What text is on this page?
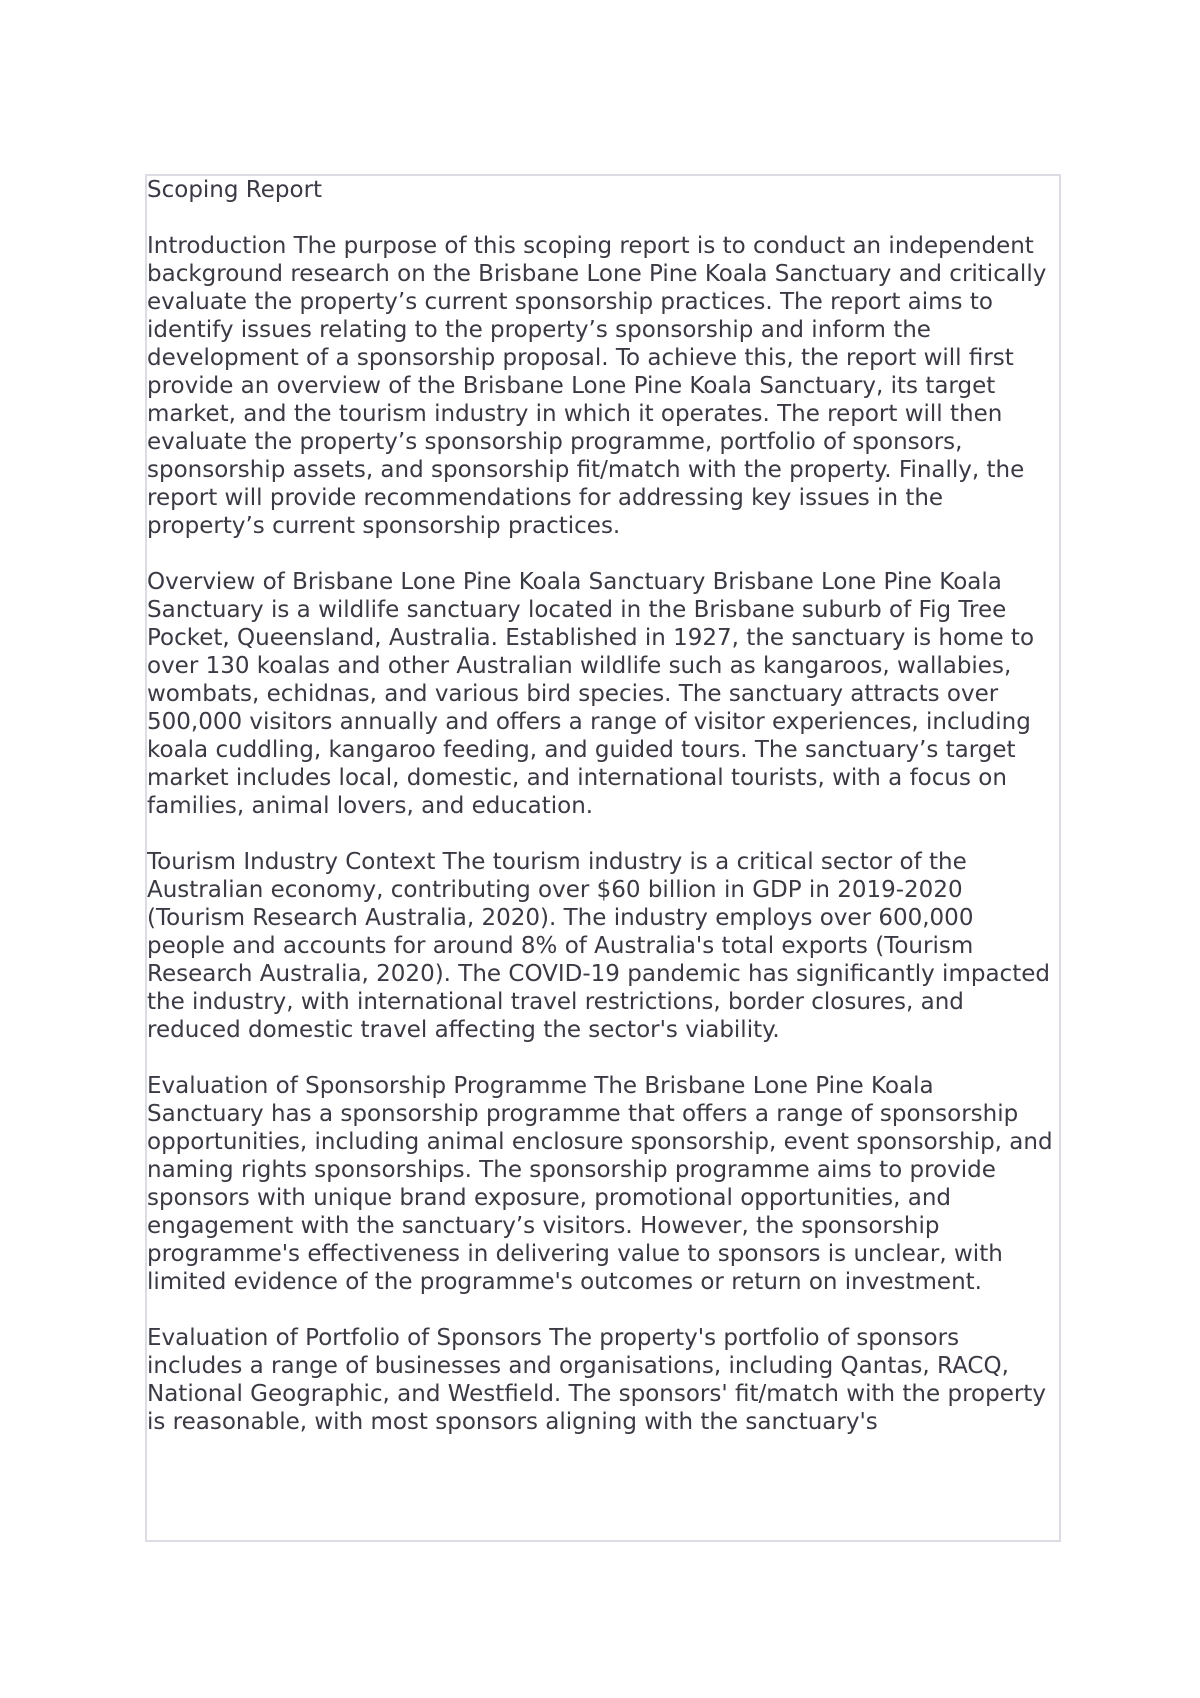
Scoping Report

Introduction The purpose of this scoping report is to conduct an independent background research on the Brisbane Lone Pine Koala Sanctuary and critically evaluate the property’s current sponsorship practices. The report aims to identify issues relating to the property’s sponsorship and inform the development of a sponsorship proposal. To achieve this, the report will first provide an overview of the Brisbane Lone Pine Koala Sanctuary, its target market, and the tourism industry in which it operates. The report will then evaluate the property’s sponsorship programme, portfolio of sponsors, sponsorship assets, and sponsorship fit/match with the property. Finally, the report will provide recommendations for addressing key issues in the property’s current sponsorship practices.

Overview of Brisbane Lone Pine Koala Sanctuary Brisbane Lone Pine Koala Sanctuary is a wildlife sanctuary located in the Brisbane suburb of Fig Tree Pocket, Queensland, Australia. Established in 1927, the sanctuary is home to over 130 koalas and other Australian wildlife such as kangaroos, wallabies, wombats, echidnas, and various bird species. The sanctuary attracts over 500,000 visitors annually and offers a range of visitor experiences, including koala cuddling, kangaroo feeding, and guided tours. The sanctuary’s target market includes local, domestic, and international tourists, with a focus on families, animal lovers, and education.

Tourism Industry Context The tourism industry is a critical sector of the Australian economy, contributing over $60 billion in GDP in 2019-2020 (Tourism Research Australia, 2020). The industry employs over 600,000 people and accounts for around 8% of Australia's total exports (Tourism Research Australia, 2020). The COVID-19 pandemic has significantly impacted the industry, with international travel restrictions, border closures, and reduced domestic travel affecting the sector's viability.

Evaluation of Sponsorship Programme The Brisbane Lone Pine Koala Sanctuary has a sponsorship programme that offers a range of sponsorship opportunities, including animal enclosure sponsorship, event sponsorship, and naming rights sponsorships. The sponsorship programme aims to provide sponsors with unique brand exposure, promotional opportunities, and engagement with the sanctuary’s visitors. However, the sponsorship programme's effectiveness in delivering value to sponsors is unclear, with limited evidence of the programme's outcomes or return on investment.

Evaluation of Portfolio of Sponsors The property's portfolio of sponsors includes a range of businesses and organisations, including Qantas, RACQ, National Geographic, and Westfield. The sponsors' fit/match with the property is reasonable, with most sponsors aligning with the sanctuary's
